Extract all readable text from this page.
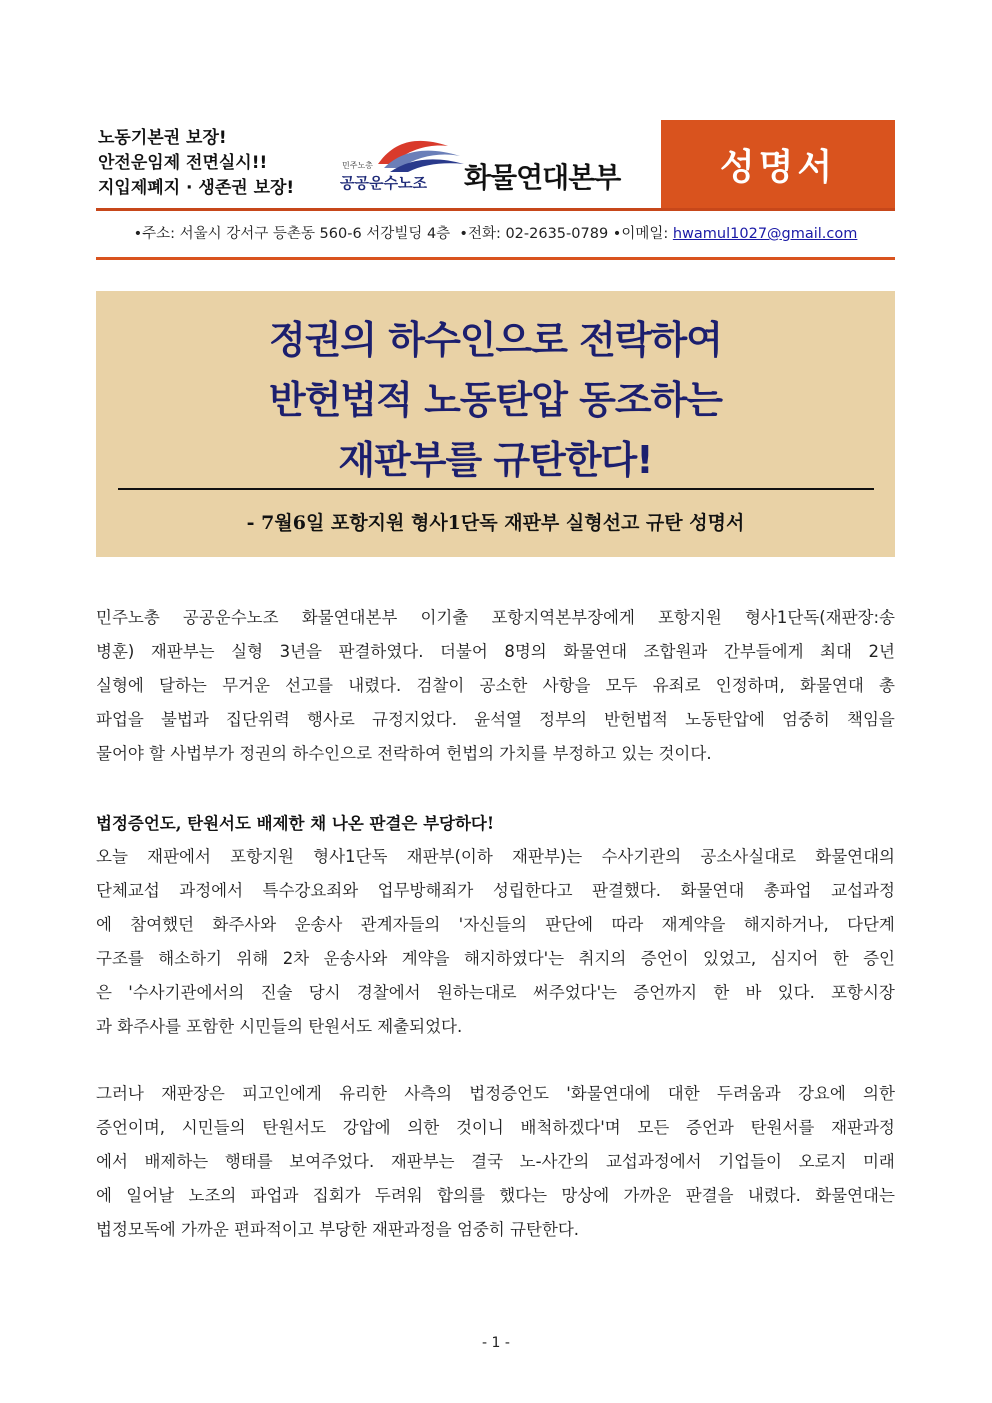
노동기본권 보장!
안전운임제 전면실시!!
지입제폐지 · 생존권 보장!
민주노총
공공운수노조 화물연대본부	성명서
•주소: 서울시 강서구 등촌동 560-6 서강빌딩 4층 •전화: 02-2635-0789 •이메일: hwamul1027@gmail.com
정권의 하수인으로 전락하여
반헌법적 노동탄압 동조하는
재판부를 규탄한다!
- 7월6일 포항지원 형사1단독 재판부 실형선고 규탄 성명서
민주노총 공공운수노조 화물연대본부 이기출 포항지역본부장에게 포항지원 형사1단독(재판장:송
병훈) 재판부는 실형 3년을 판결하였다. 더불어 8명의 화물연대 조합원과 간부들에게 최대 2년
실형에 달하는 무거운 선고를 내렸다. 검찰이 공소한 사항을 모두 유죄로 인정하며, 화물연대 총
파업을 불법과 집단위력 행사로 규정지었다. 윤석열 정부의 반헌법적 노동탄압에 엄중히 책임을
물어야 할 사법부가 정권의 하수인으로 전락하여 헌법의 가치를 부정하고 있는 것이다.
법정증언도, 탄원서도 배제한 채 나온 판결은 부당하다!
오늘 재판에서 포항지원 형사1단독 재판부(이하 재판부)는 수사기관의 공소사실대로 화물연대의
단체교섭 과정에서 특수강요죄와 업무방해죄가 성립한다고 판결했다. 화물연대 총파업 교섭과정
에 참여했던 화주사와 운송사 관계자들의 '자신들의 판단에 따라 재계약을 해지하거나, 다단계
구조를 해소하기 위해 2차 운송사와 계약을 해지하였다'는 취지의 증언이 있었고, 심지어 한 증인
은 '수사기관에서의 진술 당시 경찰에서 원하는대로 써주었다'는 증언까지 한 바 있다. 포항시장
과 화주사를 포함한 시민들의 탄원서도 제출되었다.
그러나 재판장은 피고인에게 유리한 사측의 법정증언도 '화물연대에 대한 두려움과 강요에 의한
증언이며, 시민들의 탄원서도 강압에 의한 것이니 배척하겠다'며 모든 증언과 탄원서를 재판과정
에서 배제하는 행태를 보여주었다. 재판부는 결국 노-사간의 교섭과정에서 기업들이 오로지 미래
에 일어날 노조의 파업과 집회가 두려워 합의를 했다는 망상에 가까운 판결을 내렸다. 화물연대는
법정모독에 가까운 편파적이고 부당한 재판과정을 엄중히 규탄한다.
- 1 -
